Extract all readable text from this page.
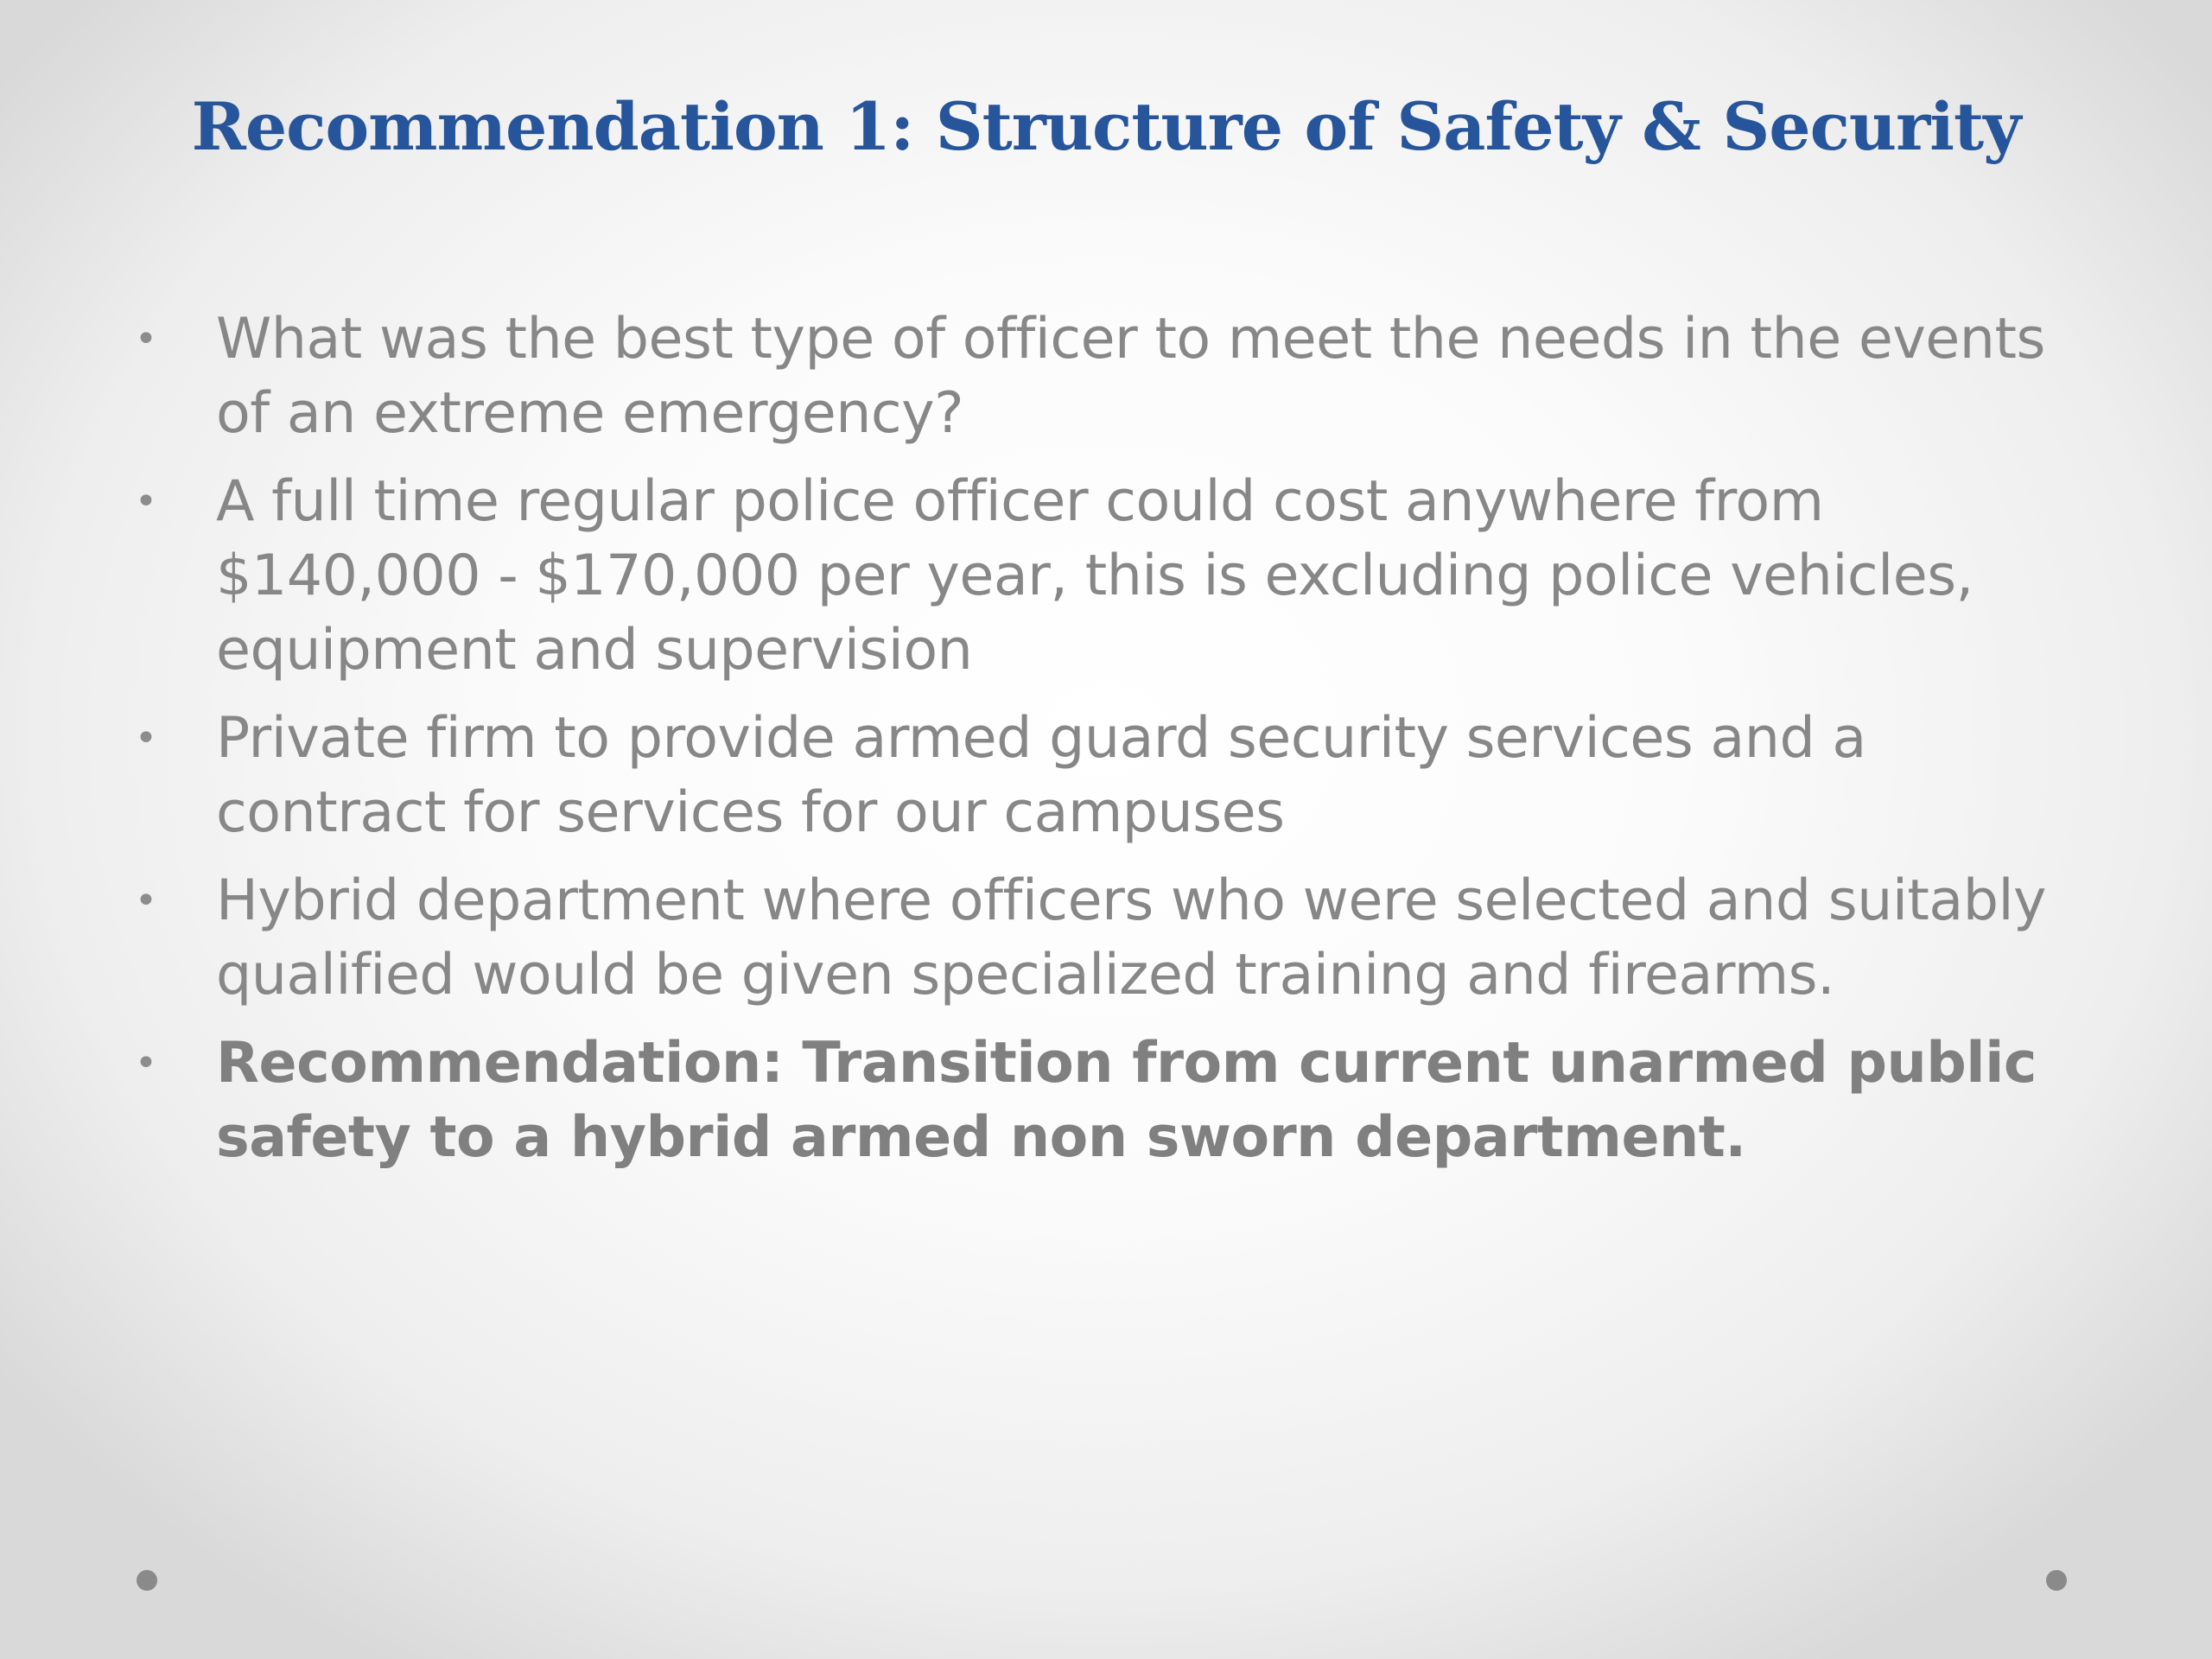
Recommendation 1: Structure of Safety & Security
• What was the best type of officer to meet the needs in the events of an extreme emergency?
• A full time regular police officer could cost anywhere from $140,000 - $170,000 per year, this is excluding police vehicles, equipment and supervision
• Private firm to provide armed guard security services and a contract for services for our campuses
• Hybrid department where officers who were selected and suitably qualified would be given specialized training and firearms.
• Recommendation: Transition from current unarmed public safety to a hybrid armed non sworn department.
